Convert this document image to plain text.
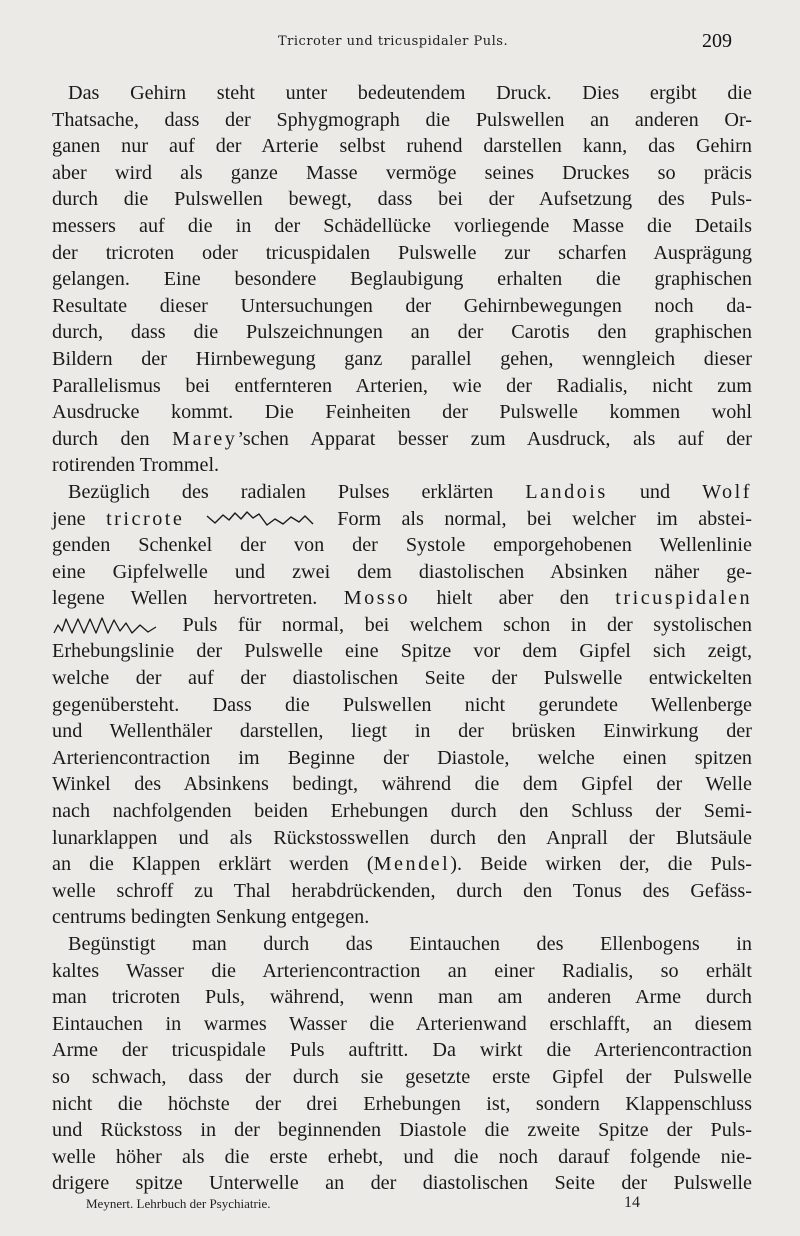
Tricroter und tricuspidaler Puls.	209
Das Gehirn steht unter bedeutendem Druck. Dies ergibt die
Thatsache, dass der Sphygmograph die Pulswellen an anderen Or-
ganen nur auf der Arterie selbst ruhend darstellen kann, das Gehirn
aber wird als ganze Masse vermöge seines Druckes so präcis
durch die Pulswellen bewegt, dass bei der Aufsetzung des Puls-
messers auf die in der Schädellücke vorliegende Masse die Details
der tricroten oder tricuspidalen Pulswelle zur scharfen Ausprägung
gelangen. Eine besondere Beglaubigung erhalten die graphischen
Resultate dieser Untersuchungen der Gehirnbewegungen noch da-
durch, dass die Pulszeichnungen an der Carotis den graphischen
Bildern der Hirnbewegung ganz parallel gehen, wenngleich dieser
Parallelismus bei entfernteren Arterien, wie der Radialis, nicht zum
Ausdrucke kommt. Die Feinheiten der Pulswelle kommen wohl
durch den Marey’schen Apparat besser zum Ausdruck, als auf der
rotirenden Trommel.
Bezüglich des radialen Pulses erklärten Landois und Wolf
jene tricrote	Form als normal, bei welcher im abstei-
genden Schenkel der von der Systole emporgehobenen Wellenlinie
eine Gipfelwelle und zwei dem diastolischen Absinken näher ge-
legene Wellen hervortreten. Mosso hielt aber den tricuspidalen
Puls für normal, bei welchem schon in der systolischen
Erhebungslinie der Pulswelle eine Spitze vor dem Gipfel sich zeigt,
welche der auf der diastolischen Seite der Pulswelle entwickelten
gegenübersteht. Dass die Pulswellen nicht gerundete Wellenberge
und Wellenthäler darstellen, liegt in der brüsken Einwirkung der
Arteriencontraction im Beginne der Diastole, welche einen spitzen
Winkel des Absinkens bedingt, während die dem Gipfel der Welle
nach nachfolgenden beiden Erhebungen durch den Schluss der Semi-
lunarklappen und als Rückstosswellen durch den Anprall der Blutsäule
an die Klappen erklärt werden (Mendel). Beide wirken der, die Puls-
welle schroff zu Thal herabdrückenden, durch den Tonus des Gefäss-
centrums bedingten Senkung entgegen.
Begünstigt man durch das Eintauchen des Ellenbogens in
kaltes Wasser die Arteriencontraction an einer Radialis, so erhält
man tricroten Puls, während, wenn man am anderen Arme durch
Eintauchen in warmes Wasser die Arterienwand erschlafft, an diesem
Arme der tricuspidale Puls auftritt. Da wirkt die Arteriencontraction
so schwach, dass der durch sie gesetzte erste Gipfel der Pulswelle
nicht die höchste der drei Erhebungen ist, sondern Klappenschluss
und Rückstoss in der beginnenden Diastole die zweite Spitze der Puls-
welle höher als die erste erhebt, und die noch darauf folgende nie-
drigere spitze Unterwelle an der diastolischen Seite der Pulswelle
Meynert. Lehrbuch der Psychiatrie.	14
